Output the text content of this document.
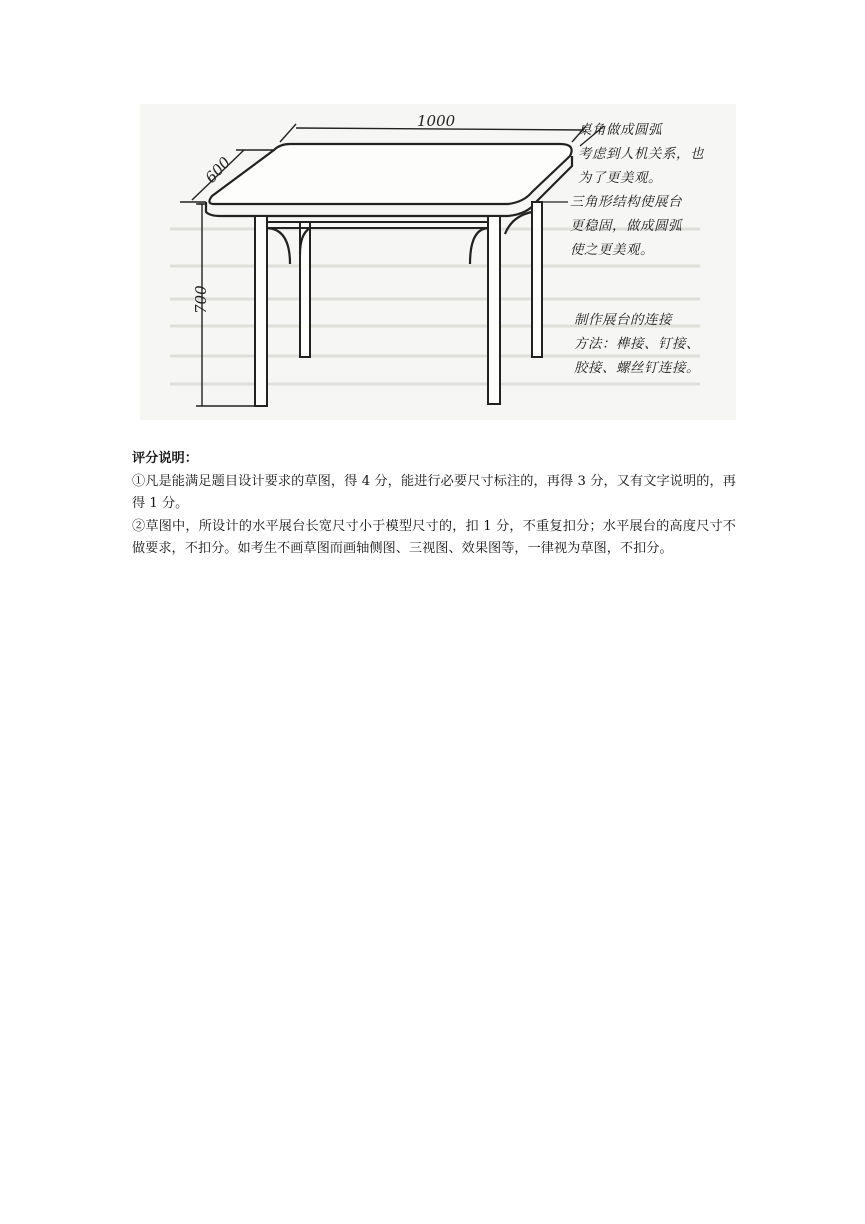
1000
600
700
桌角做成圆弧
考虑到人机关系，也
为了更美观。
三角形结构使展台
更稳固，做成圆弧
使之更美观。
制作展台的连接
方法：榫接、钉接、
胶接、螺丝钉连接。
评分说明：

①凡是能满足题目设计要求的草图，得 4 分，能进行必要尺寸标注的，再得 3 分，又有文字说明的，再得 1 分。

②草图中，所设计的水平展台长宽尺寸小于模型尺寸的，扣 1 分，不重复扣分；水平展台的高度尺寸不做要求，不扣分。如考生不画草图而画轴侧图、三视图、效果图等，一律视为草图，不扣分。
